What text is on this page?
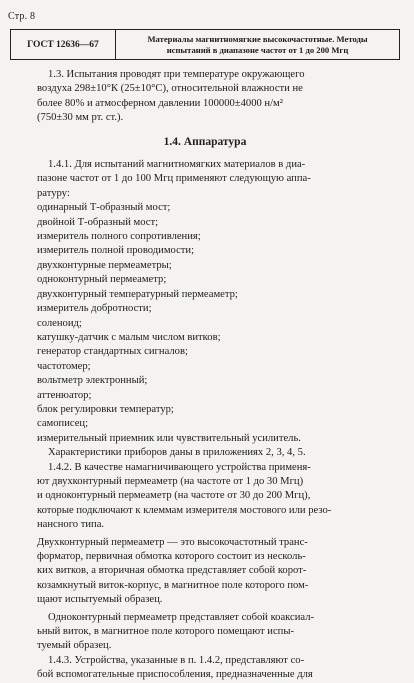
Стр. 8
ГОСТ 12636—67
Материалы магнитномягкие высокочастотные. Методы
испытаний в диапазоне частот от 1 до 200 Мгц

1.3. Испытания проводят при температуре окружающего

воздуха 298±10°К (25±10°С), относительной влажности не

более 80% и атмосферном давлении 100000±4000 н/м²

(750±30 мм рт. ст.).

1.4. Аппаратура

1.4.1. Для испытаний магнитномягких материалов в диа-

пазоне частот от 1 до 100 Мгц применяют следующую аппа-

ратуру:

одинарный Т-образный мост;

двойной Т-образный мост;

измеритель полного сопротивления;

измеритель полной проводимости;

двухконтурные пермеаметры;

одноконтурный пермеаметр;

двухконтурный температурный пермеаметр;

измеритель добротности;

соленоид;

катушку-датчик с малым числом витков;

генератор стандартных сигналов;

частотомер;

вольтметр электронный;

аттенюатор;

блок регулировки температур;

самописец;

измерительный приемник или чувствительный усилитель.

Характеристики приборов даны в приложениях 2, 3, 4, 5.

1.4.2. В качестве намагничивающего устройства применя-

ют двухконтурный пермеаметр (на частоте от 1 до 30 Мгц)

и одноконтурный пермеаметр (на частоте от 30 до 200 Мгц),

которые подключают к клеммам измерителя мостового или резо-

нансного типа.

Двухконтурный пермеаметр — это высокочастотный транс-

форматор, первичная обмотка которого состоит из несколь-

ких витков, а вторичная обмотка представляет собой корот-

козамкнутый виток-корпус, в магнитное поле которого пом-

щают испытуемый образец.

Одноконтурный пермеаметр представляет собой коаксиал-

ьный виток, в магнитное поле которого помещают испы-

туемый образец.

1.4.3. Устройства, указанные в п. 1.4.2, представляют со-

бой вспомогательные приспособления, предназначенные для
